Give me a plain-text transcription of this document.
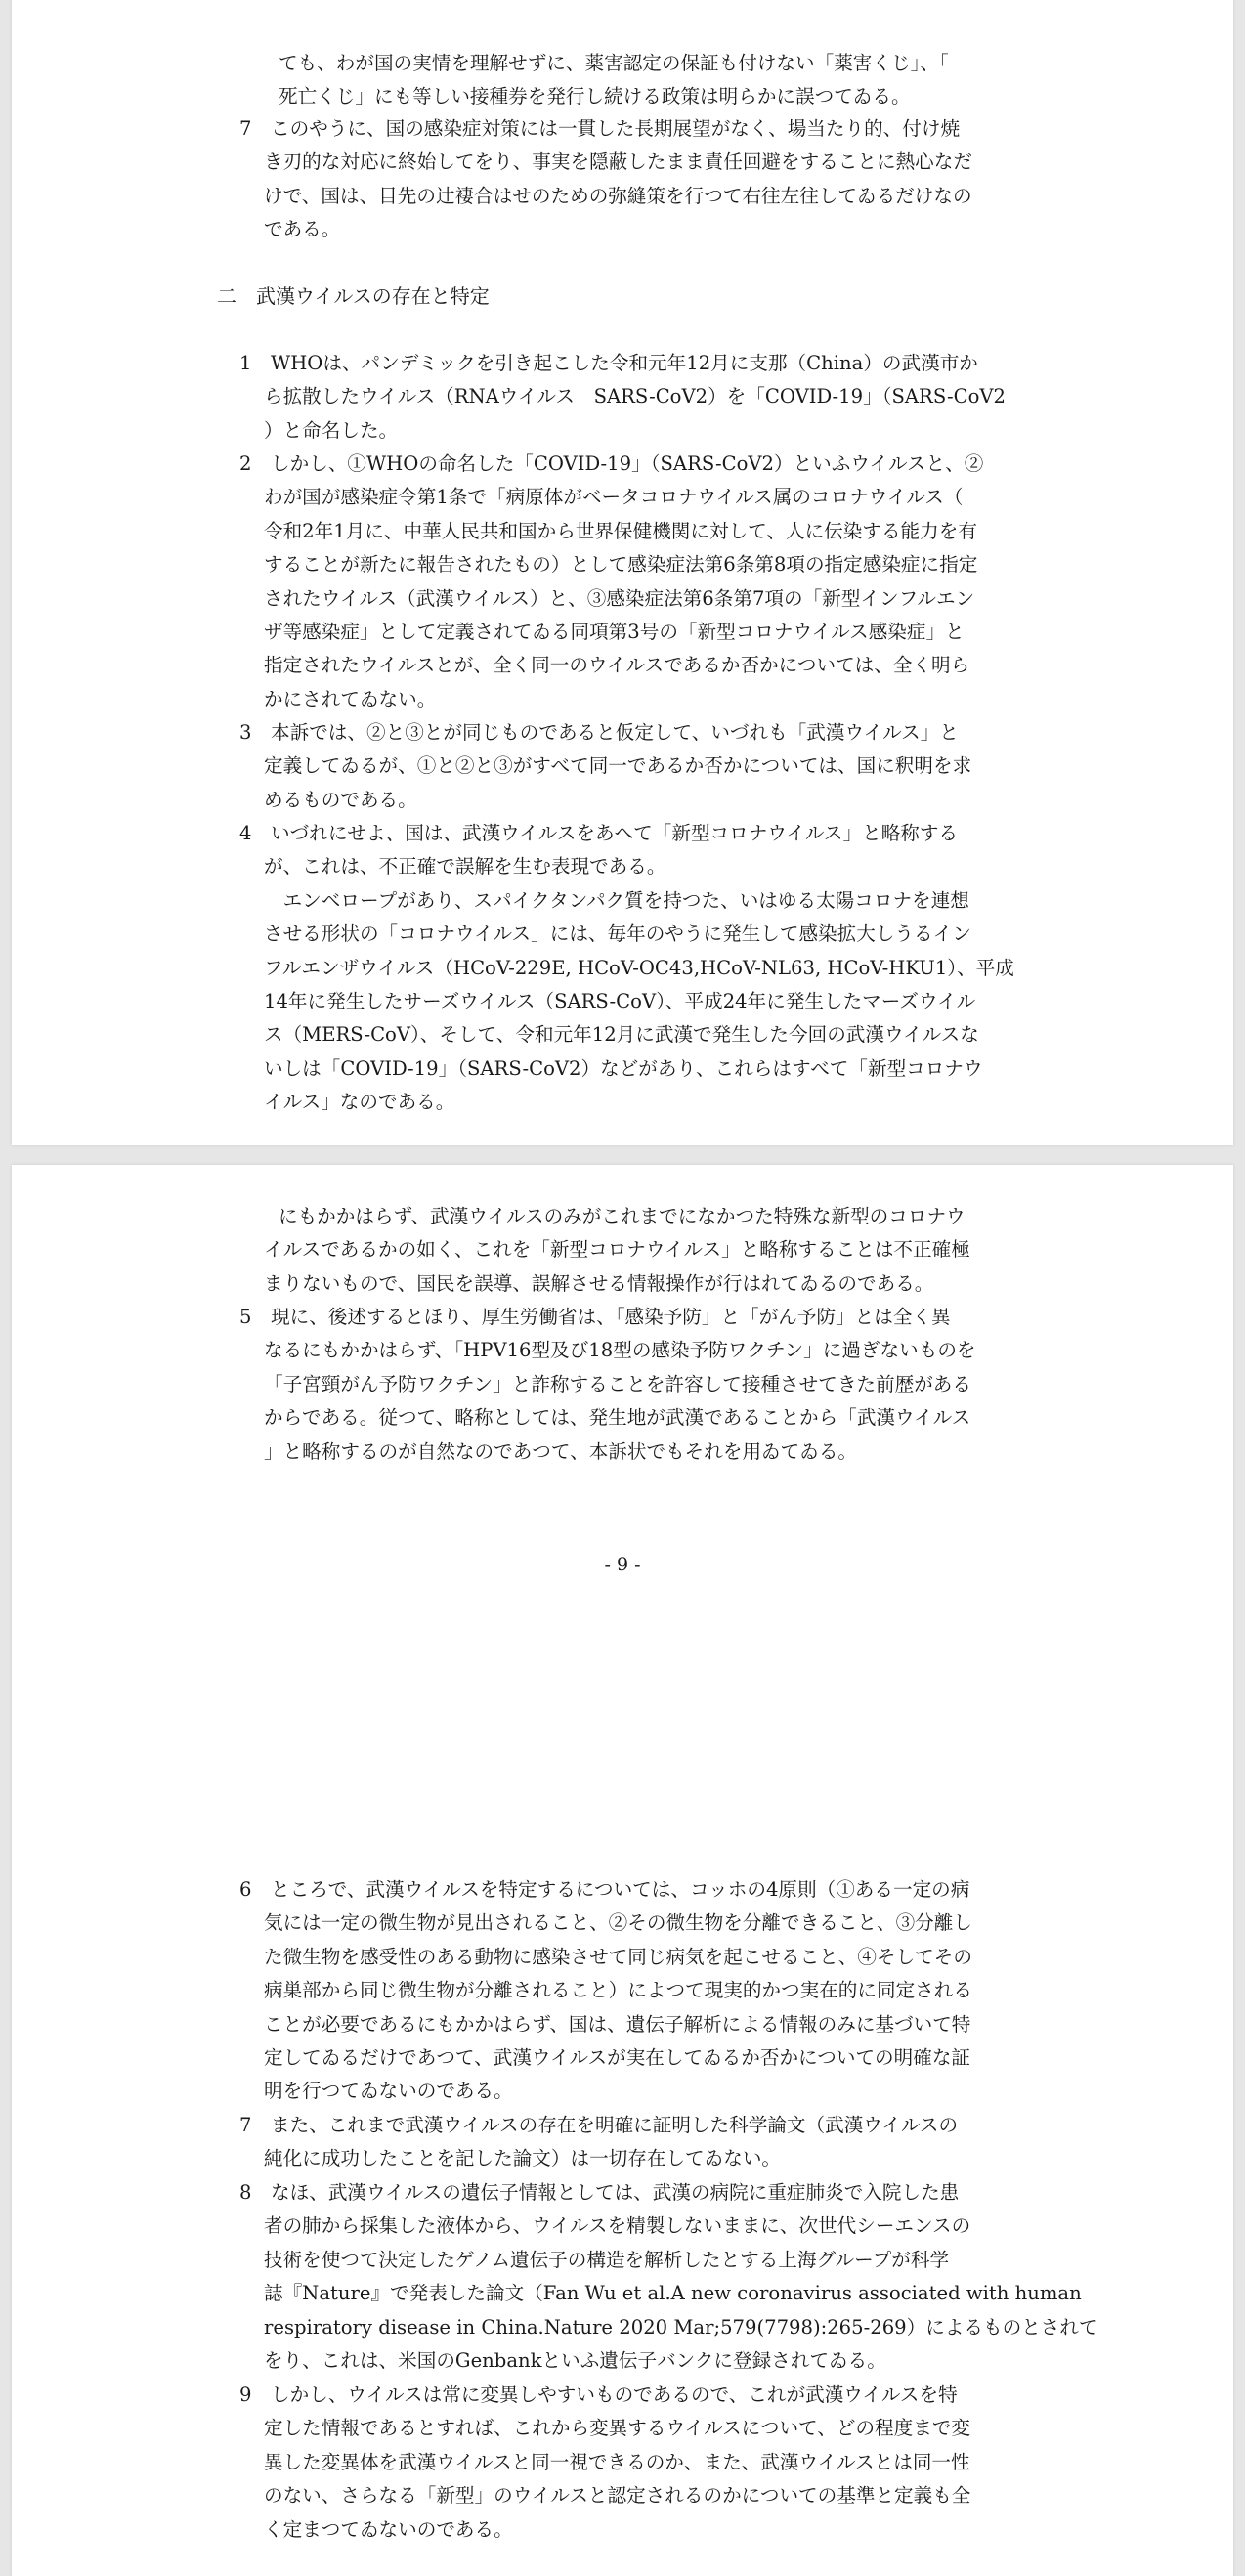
ても、わが国の実情を理解せずに、薬害認定の保証も付けない「薬害くじ」、「
死亡くじ」にも等しい接種券を発行し続ける政策は明らかに誤つてゐる。
7　このやうに、国の感染症対策には一貫した長期展望がなく、場当たり的、付け焼
き刃的な対応に終始してをり、事実を隠蔽したまま責任回避をすることに熱心なだ
けで、国は、目先の辻褄合はせのための弥縫策を行つて右往左往してゐるだけなの
である。
二　武漢ウイルスの存在と特定
1　WHOは、パンデミックを引き起こした令和元年12月に支那（China）の武漢市か
ら拡散したウイルス（RNAウイルス　SARS-CoV2）を「COVID-19」（SARS-CoV2
）と命名した。
2　しかし、①WHOの命名した「COVID-19」（SARS-CoV2）といふウイルスと、②
わが国が感染症令第1条で「病原体がベータコロナウイルス属のコロナウイルス（
令和2年1月に、中華人民共和国から世界保健機関に対して、人に伝染する能力を有
することが新たに報告されたもの）として感染症法第6条第8項の指定感染症に指定
されたウイルス（武漢ウイルス）と、③感染症法第6条第7項の「新型インフルエン
ザ等感染症」として定義されてゐる同項第3号の「新型コロナウイルス感染症」と
指定されたウイルスとが、全く同一のウイルスであるか否かについては、全く明ら
かにされてゐない。
3　本訴では、②と③とが同じものであると仮定して、いづれも「武漢ウイルス」と
定義してゐるが、①と②と③がすべて同一であるか否かについては、国に釈明を求
めるものである。
4　いづれにせよ、国は、武漢ウイルスをあへて「新型コロナウイルス」と略称する
が、これは、不正確で誤解を生む表現である。
　エンベロープがあり、スパイクタンパク質を持つた、いはゆる太陽コロナを連想
させる形状の「コロナウイルス」には、毎年のやうに発生して感染拡大しうるイン
フルエンザウイルス（HCoV-229E, HCoV-OC43,HCoV-NL63, HCoV-HKU1）、平成
14年に発生したサーズウイルス（SARS-CoV）、平成24年に発生したマーズウイル
ス（MERS-CoV）、そして、令和元年12月に武漢で発生した今回の武漢ウイルスな
いしは「COVID-19」（SARS-CoV2）などがあり、これらはすべて「新型コロナウ
イルス」なのである。
にもかかはらず、武漢ウイルスのみがこれまでになかつた特殊な新型のコロナウ
イルスであるかの如く、これを「新型コロナウイルス」と略称することは不正確極
まりないもので、国民を誤導、誤解させる情報操作が行はれてゐるのである。
5　現に、後述するとほり、厚生労働省は、「感染予防」と「がん予防」とは全く異
なるにもかかはらず、「HPV16型及び18型の感染予防ワクチン」に過ぎないものを
「子宮頸がん予防ワクチン」と詐称することを許容して接種させてきた前歴がある
からである。従つて、略称としては、発生地が武漢であることから「武漢ウイルス
」と略称するのが自然なのであつて、本訴状でもそれを用ゐてゐる。
6　ところで、武漢ウイルスを特定するについては、コッホの4原則（①ある一定の病
気には一定の微生物が見出されること、②その微生物を分離できること、③分離し
た微生物を感受性のある動物に感染させて同じ病気を起こせること、④そしてその
病巣部から同じ微生物が分離されること）によつて現実的かつ実在的に同定される
ことが必要であるにもかかはらず、国は、遺伝子解析による情報のみに基づいて特
定してゐるだけであつて、武漢ウイルスが実在してゐるか否かについての明確な証
明を行つてゐないのである。
7　また、これまで武漢ウイルスの存在を明確に証明した科学論文（武漢ウイルスの
純化に成功したことを記した論文）は一切存在してゐない。
8　なほ、武漢ウイルスの遺伝子情報としては、武漢の病院に重症肺炎で入院した患
者の肺から採集した液体から、ウイルスを精製しないままに、次世代シーエンスの
技術を使つて決定したゲノム遺伝子の構造を解析したとする上海グループが科学
誌『Nature』で発表した論文（Fan Wu et al.A new coronavirus associated with human
respiratory disease in China.Nature 2020 Mar;579(7798):265-269）によるものとされて
をり、これは、米国のGenbankといふ遺伝子バンクに登録されてゐる。
9　しかし、ウイルスは常に変異しやすいものであるので、これが武漢ウイルスを特
定した情報であるとすれば、これから変異するウイルスについて、どの程度まで変
異した変異体を武漢ウイルスと同一視できるのか、また、武漢ウイルスとは同一性
のない、さらなる「新型」のウイルスと認定されるのかについての基準と定義も全
く定まつてゐないのである。
- 9 -
